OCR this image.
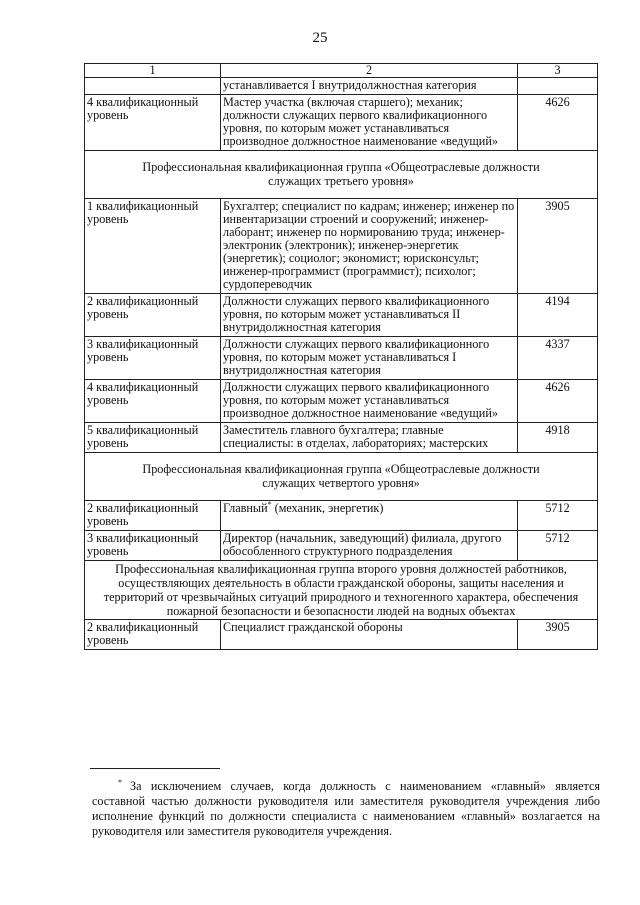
25
1	2	3
	устанавливается I внутридолжностная категория	
4 квалификационный уровень	Мастер участка (включая старшего); механик; должности служащих первого квалификационного уровня, по которым может устанавливаться производное должностное наименование «ведущий»	4626
Профессиональная квалификационная группа «Общеотраслевые должности служащих третьего уровня»		
1 квалификационный уровень	Бухгалтер; специалист по кадрам; инженер; инженер по инвентаризации строений и сооружений; инженер-лаборант; инженер по нормированию труда; инженер-электроник (электроник); инженер-энергетик (энергетик); социолог; экономист; юрисконсульт; инженер-программист (программист); психолог; сурдопереводчик	3905
2 квалификационный уровень	Должности служащих первого квалификационного уровня, по которым может устанавливаться II внутридолжностная категория	4194
3 квалификационный уровень	Должности служащих первого квалификационного уровня, по которым может устанавливаться I внутридолжностная категория	4337
4 квалификационный уровень	Должности служащих первого квалификационного уровня, по которым может устанавливаться производное должностное наименование «ведущий»	4626
5 квалификационный уровень	Заместитель главного бухгалтера; главные специалисты: в отделах, лабораториях; мастерских	4918
Профессиональная квалификационная группа «Общеотраслевые должности служащих четвертого уровня»		
2 квалификационный уровень	Главный* (механик, энергетик)	5712
3 квалификационный уровень	Директор (начальник, заведующий) филиала, другого обособленного структурного подразделения	5712
Профессиональная квалификационная группа второго уровня должностей работников, осуществляющих деятельность в области гражданской обороны, защиты населения и территорий от чрезвычайных ситуаций природного и техногенного характера, обеспечения пожарной безопасности и безопасности людей на водных объектах		
2 квалификационный уровень	Специалист гражданской обороны	3905
* За исключением случаев, когда должность с наименованием «главный» является составной частью должности руководителя или заместителя руководителя учреждения либо исполнение функций по должности специалиста с наименованием «главный» возлагается на руководителя или заместителя руководителя учреждения.
